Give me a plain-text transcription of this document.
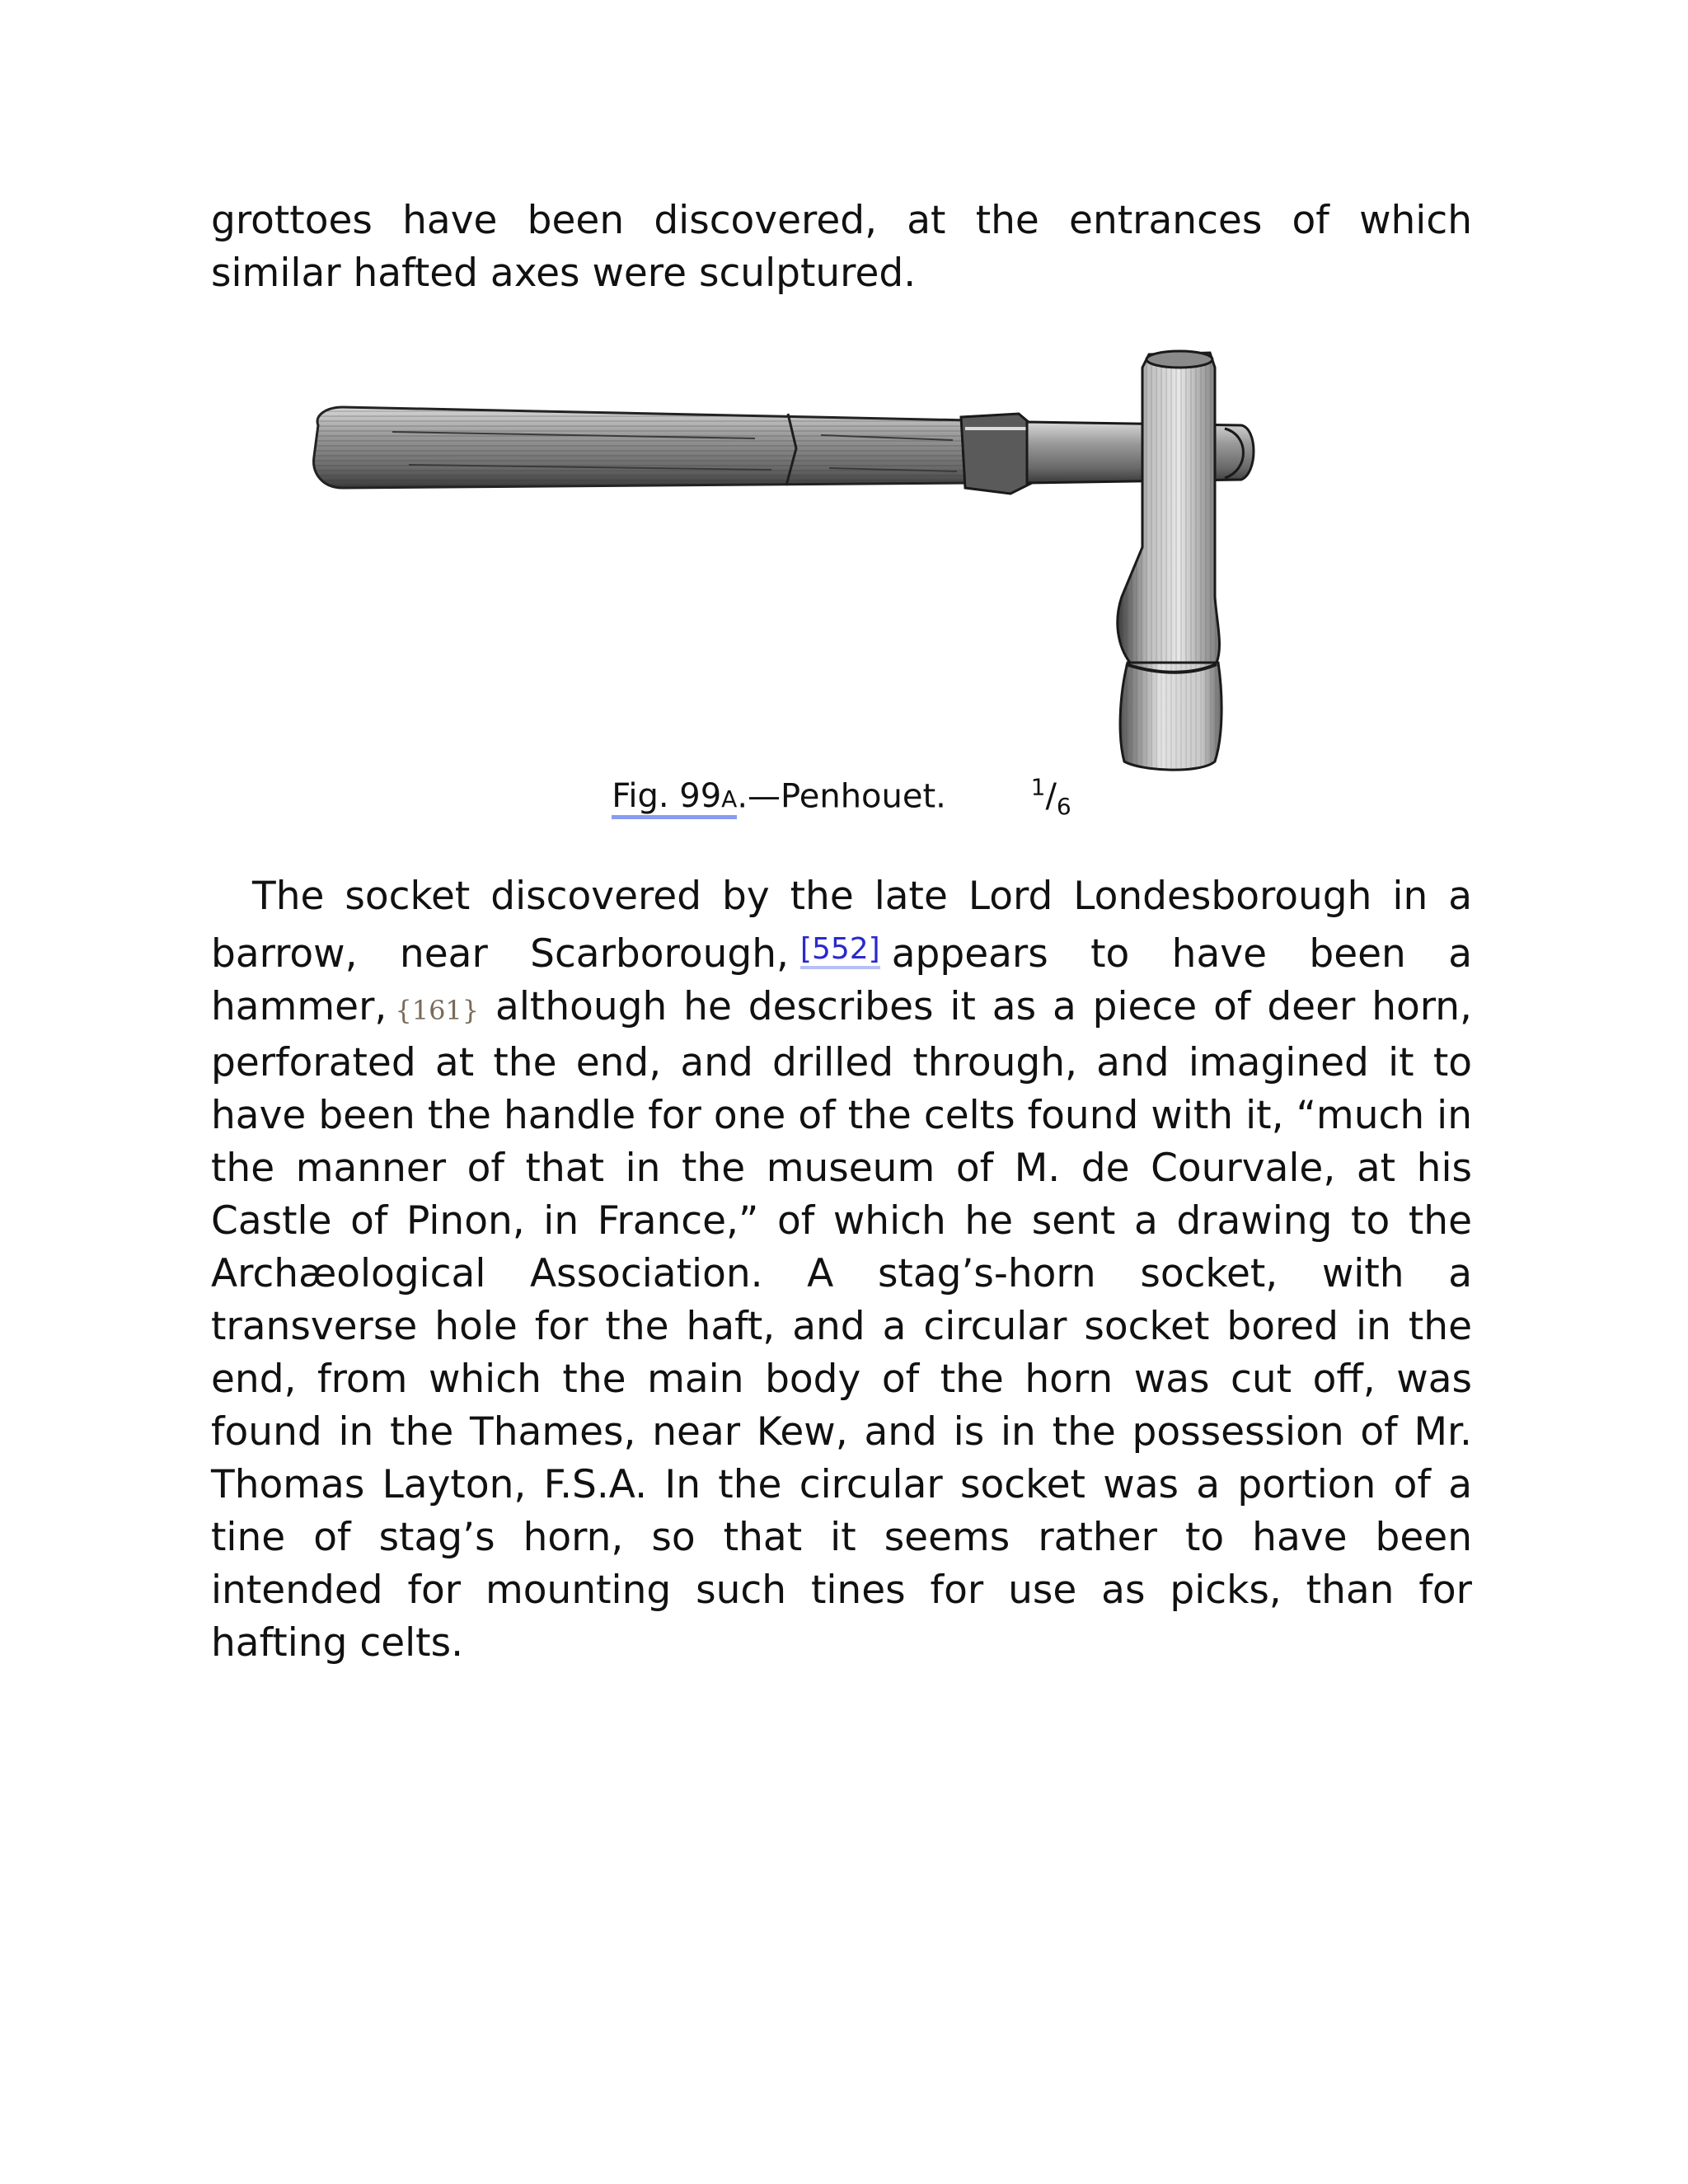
grottoes have been discovered, at the entrances of which similar hafted axes were sculptured.

Fig. 99A.—Penhouet.	$^1/_6$

The socket discovered by the late Lord Londesborough in a barrow, near Scarborough, [552] appears to have been a hammer, {161} although he describes it as a piece of deer horn, perforated at the end, and drilled through, and imagined it to have been the handle for one of the celts found with it, “much in the manner of that in the museum of M. de Courvale, at his Castle of Pinon, in France,” of which he sent a drawing to the Archæological Association. A stag’s-horn socket, with a transverse hole for the haft, and a circular socket bored in the end, from which the main body of the horn was cut off, was found in the Thames, near Kew, and is in the possession of Mr. Thomas Layton, F.S.A. In the circular socket was a portion of a tine of stag’s horn, so that it seems rather to have been intended for mounting such tines for use as picks, than for hafting celts.
